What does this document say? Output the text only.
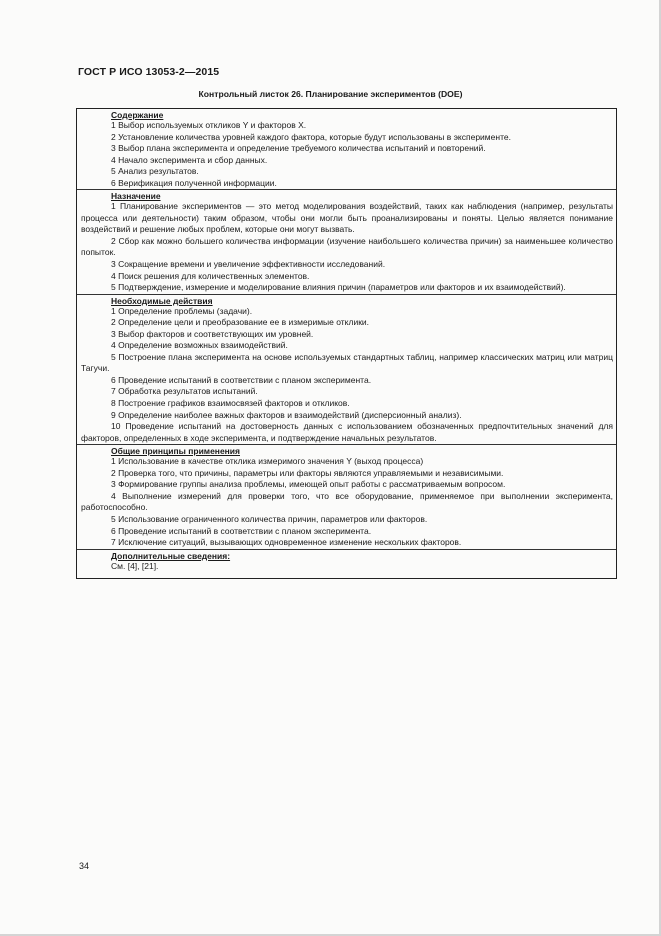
ГОСТ Р ИСО 13053-2—2015
Контрольный листок 26. Планирование экспериментов (DOE)
Содержание
1 Выбор используемых откликов Y и факторов X.
2 Установление количества уровней каждого фактора, которые будут использованы в эксперименте.
3 Выбор плана эксперимента и определение требуемого количества испытаний и повторений.
4 Начало эксперимента и сбор данных.
5 Анализ результатов.
6 Верификация полученной информации.
Назначение
1 Планирование экспериментов — это метод моделирования воздействий, таких как наблюдения (например, результаты процесса или деятельности) таким образом, чтобы они могли быть проанализированы и поняты. Целью является понимание воздействий и решение любых проблем, которые они могут вызвать.
2 Сбор как можно большего количества информации (изучение наибольшего количества причин) за наименьшее количество попыток.
3 Сокращение времени и увеличение эффективности исследований.
4 Поиск решения для количественных элементов.
5 Подтверждение, измерение и моделирование влияния причин (параметров или факторов и их взаимодействий).
Необходимые действия
1 Определение проблемы (задачи).
2 Определение цели и преобразование ее в измеримые отклики.
3 Выбор факторов и соответствующих им уровней.
4 Определение возможных взаимодействий.
5 Построение плана эксперимента на основе используемых стандартных таблиц, например классических матриц или матриц Тагучи.
6 Проведение испытаний в соответствии с планом эксперимента.
7 Обработка результатов испытаний.
8 Построение графиков взаимосвязей факторов и откликов.
9 Определение наиболее важных факторов и взаимодействий (дисперсионный анализ).
10 Проведение испытаний на достоверность данных с использованием обозначенных предпочтительных значений для факторов, определенных в ходе эксперимента, и подтверждение начальных результатов.
Общие принципы применения
1 Использование в качестве отклика измеримого значения Y (выход процесса)
2 Проверка того, что причины, параметры или факторы являются управляемыми и независимыми.
3 Формирование группы анализа проблемы, имеющей опыт работы с рассматриваемым вопросом.
4 Выполнение измерений для проверки того, что все оборудование, применяемое при выполнении эксперимента, работоспособно.
5 Использование ограниченного количества причин, параметров или факторов.
6 Проведение испытаний в соответствии с планом эксперимента.
7 Исключение ситуаций, вызывающих одновременное изменение нескольких факторов.
Дополнительные сведения:
См. [4], [21].
34
